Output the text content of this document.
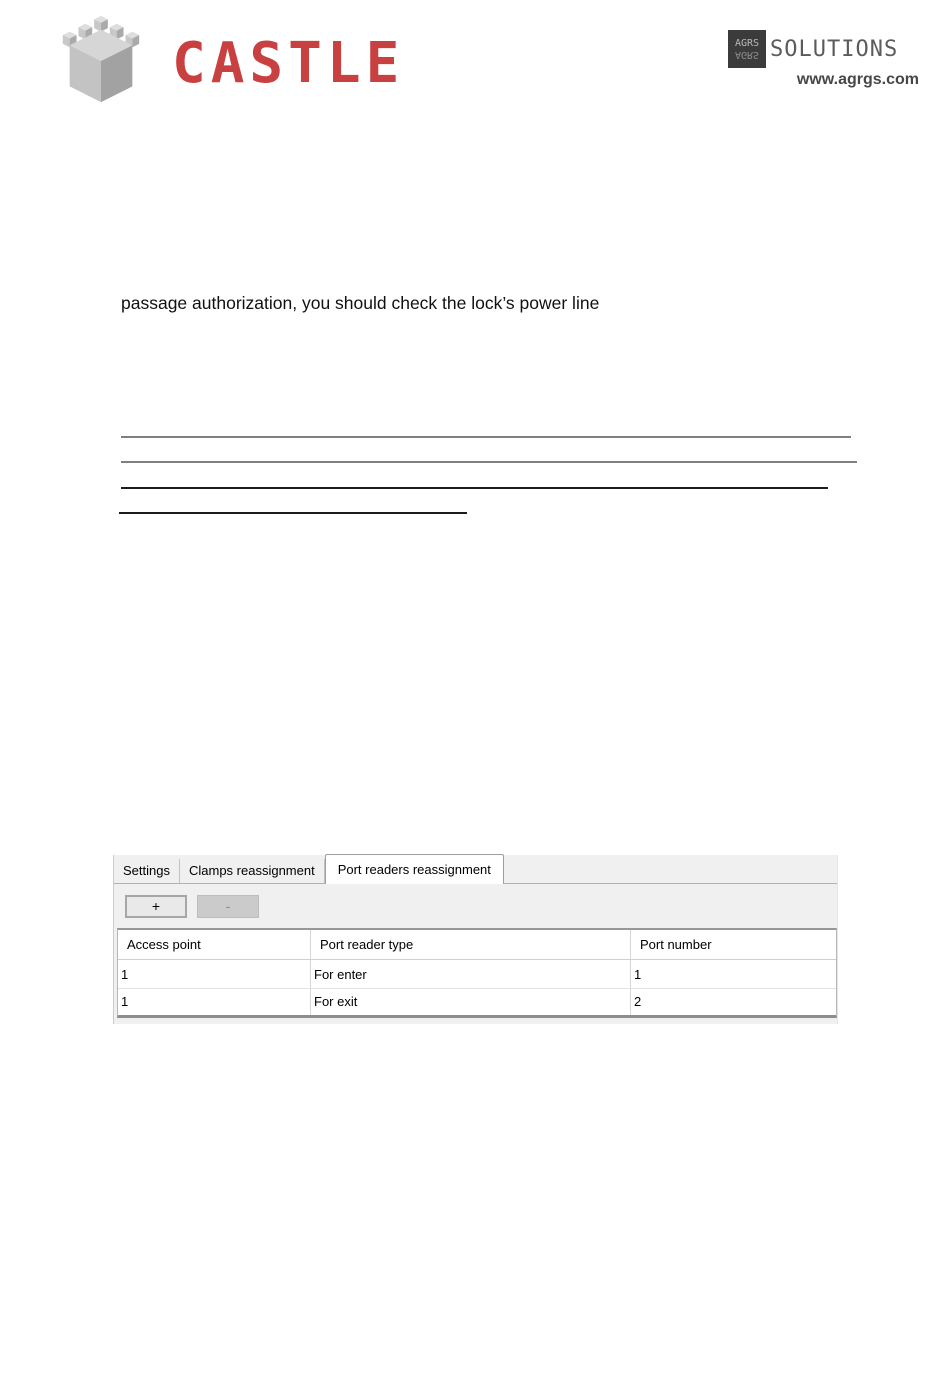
CASTLE	AGRS
AGRS SOLUTIONS
www.agrgs.com

passage authorization, you should check the lock’s power line

Settings	Clamps reassignment	Port readers reassignment
+	-
Access point	Port reader type	Port number
1	For enter	1
1	For exit	2
